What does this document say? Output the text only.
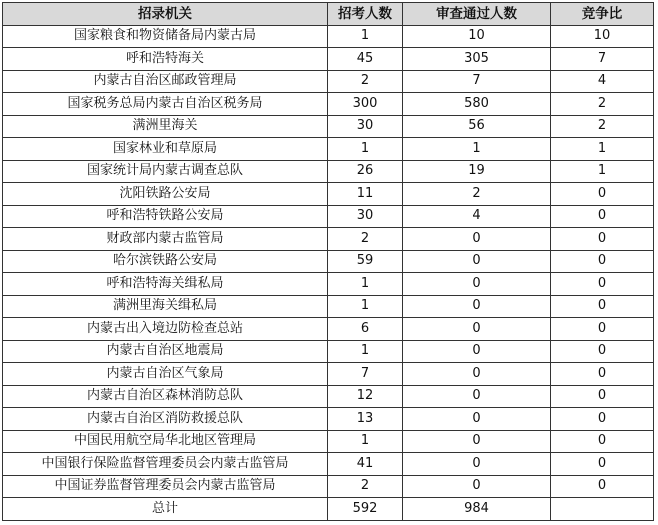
招录机关	招考人数	审查通过人数	竞争比
国家粮食和物资储备局内蒙古局	1	10	10
呼和浩特海关	45	305	7
内蒙古自治区邮政管理局	2	7	4
国家税务总局内蒙古自治区税务局	300	580	2
满洲里海关	30	56	2
国家林业和草原局	1	1	1
国家统计局内蒙古调查总队	26	19	1
沈阳铁路公安局	11	2	0
呼和浩特铁路公安局	30	4	0
财政部内蒙古监管局	2	0	0
哈尔滨铁路公安局	59	0	0
呼和浩特海关缉私局	1	0	0
满洲里海关缉私局	1	0	0
内蒙古出入境边防检查总站	6	0	0
内蒙古自治区地震局	1	0	0
内蒙古自治区气象局	7	0	0
内蒙古自治区森林消防总队	12	0	0
内蒙古自治区消防救援总队	13	0	0
中国民用航空局华北地区管理局	1	0	0
中国银行保险监督管理委员会内蒙古监管局	41	0	0
中国证券监督管理委员会内蒙古监管局	2	0	0
总计	592	984	
